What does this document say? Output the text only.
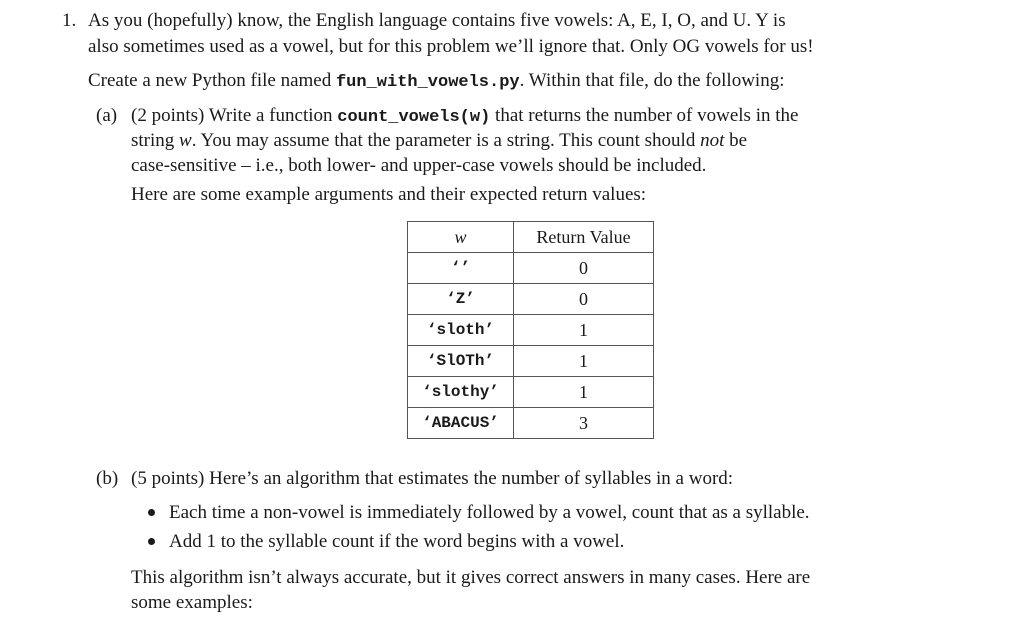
1. As you (hopefully) know, the English language contains five vowels: A, E, I, O, and U. Y is
also sometimes used as a vowel, but for this problem we’ll ignore that. Only OG vowels for us!
Create a new Python file named fun_with_vowels.py. Within that file, do the following:
(a) (2 points) Write a function count_vowels(w) that returns the number of vowels in the
string w. You may assume that the parameter is a string. This count should not be
case-sensitive – i.e., both lower- and upper-case vowels should be included.
Here are some example arguments and their expected return values:
w	Return Value
‘’	0
‘Z’	0
‘sloth’	1
‘SlOTh’	1
‘slothy’	1
‘ABACUS’	3
(b) (5 points) Here’s an algorithm that estimates the number of syllables in a word:
Each time a non-vowel is immediately followed by a vowel, count that as a syllable.
Add 1 to the syllable count if the word begins with a vowel.
This algorithm isn’t always accurate, but it gives correct answers in many cases. Here are
some examples:
